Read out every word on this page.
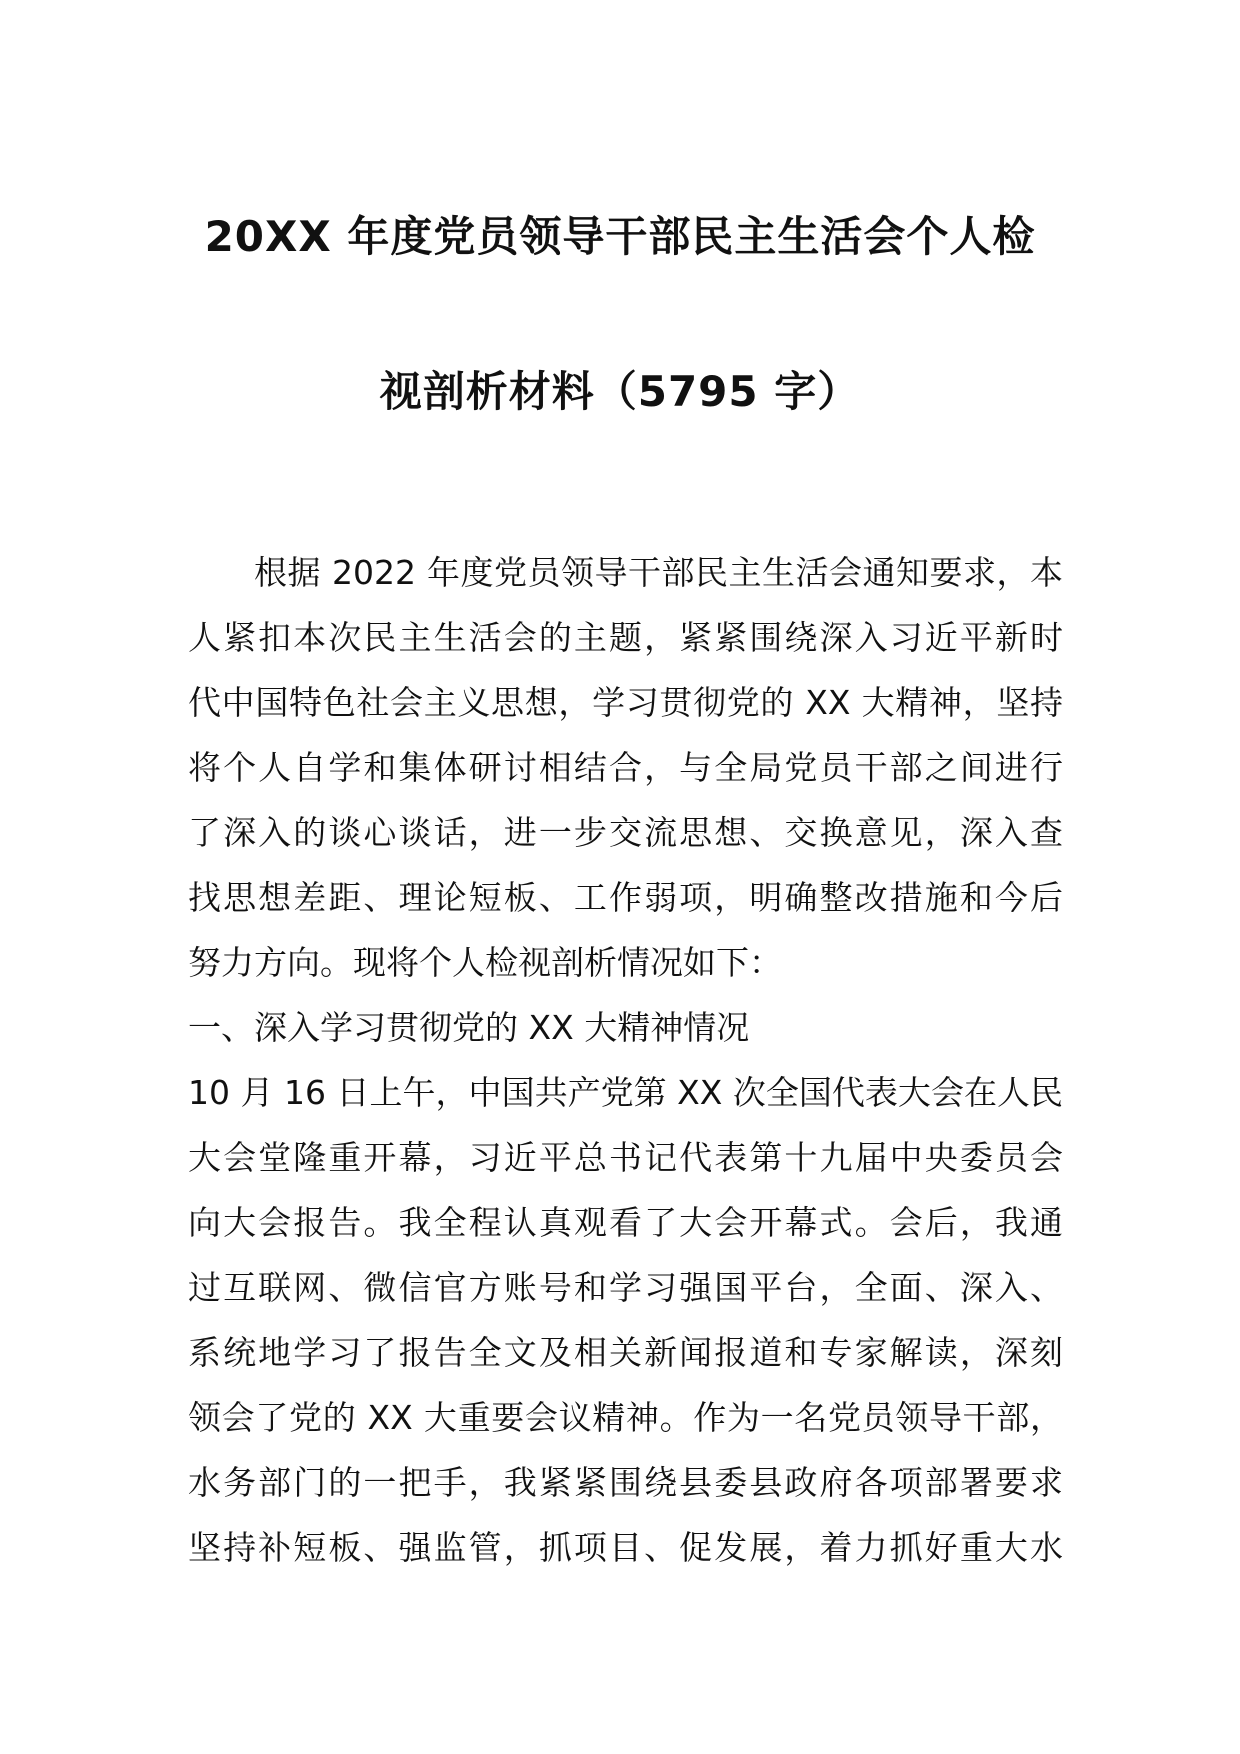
20XX 年度党员领导干部民主生活会个人检
视剖析材料（5795 字）
根据 2022 年度党员领导干部民主生活会通知要求，本
人紧扣本次民主生活会的主题，紧紧围绕深入习近平新时
代中国特色社会主义思想，学习贯彻党的 XX 大精神，坚持
将个人自学和集体研讨相结合，与全局党员干部之间进行
了深入的谈心谈话，进一步交流思想、交换意见，深入查
找思想差距、理论短板、工作弱项，明确整改措施和今后
努力方向。现将个人检视剖析情况如下：
一、深入学习贯彻党的 XX 大精神情况
10 月 16 日上午，中国共产党第 XX 次全国代表大会在人民
大会堂隆重开幕，习近平总书记代表第十九届中央委员会
向大会报告。我全程认真观看了大会开幕式。会后，我通
过互联网、微信官方账号和学习强国平台，全面、深入、
系统地学习了报告全文及相关新闻报道和专家解读，深刻
领会了党的 XX 大重要会议精神。作为一名党员领导干部，
水务部门的一把手，我紧紧围绕县委县政府各项部署要求
坚持补短板、强监管，抓项目、促发展，着力抓好重大水
